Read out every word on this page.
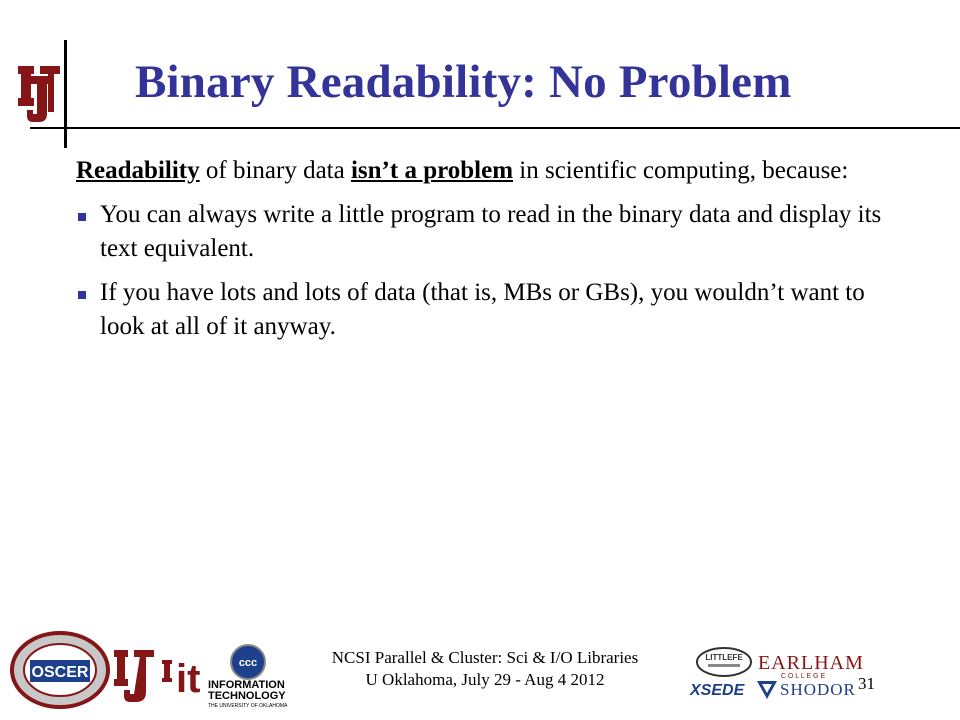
Binary Readability: No Problem

Readability of binary data isn’t a problem in scientific computing, because:

You can always write a little program to read in the binary data and display its text equivalent.
If you have lots and lots of data (that is, MBs or GBs), you wouldn’t want to look at all of it anyway.
OSCER it INFORMATION
TECHNOLOGY
THE UNIVERSITY OF OKLAHOMA
ccc	NCSI Parallel & Cluster: Sci & I/O Libraries
U Oklahoma, July 29 - Aug 4 2012
LITTLEFE EARLHAM
C O L L E G E
XSEDE	SHODOR 31
